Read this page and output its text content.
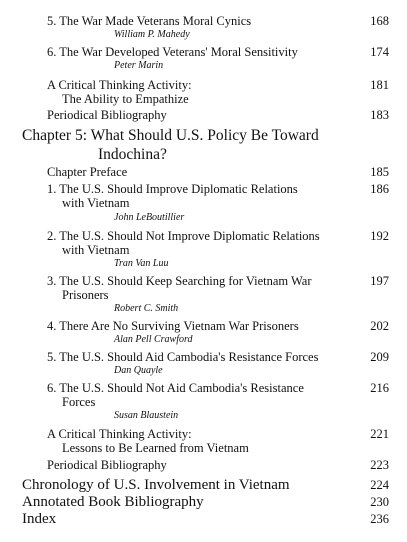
5. The War Made Veterans Moral Cynics	168
William P. Mahedy
6. The War Developed Veterans' Moral Sensitivity	174
Peter Marin
A Critical Thinking Activity:	181
The Ability to Empathize
Periodical Bibliography	183
Chapter 5: What Should U.S. Policy Be Toward
Indochina?
Chapter Preface	185
1. The U.S. Should Improve Diplomatic Relations	186
with Vietnam
John LeBoutillier
2. The U.S. Should Not Improve Diplomatic Relations	192
with Vietnam
Tran Van Luu
3. The U.S. Should Keep Searching for Vietnam War	197
Prisoners
Robert C. Smith
4. There Are No Surviving Vietnam War Prisoners	202
Alan Pell Crawford
5. The U.S. Should Aid Cambodia's Resistance Forces	209
Dan Quayle
6. The U.S. Should Not Aid Cambodia's Resistance	216
Forces
Susan Blaustein
A Critical Thinking Activity:	221
Lessons to Be Learned from Vietnam
Periodical Bibliography	223
Chronology of U.S. Involvement in Vietnam	224
Annotated Book Bibliography	230
Index	236
